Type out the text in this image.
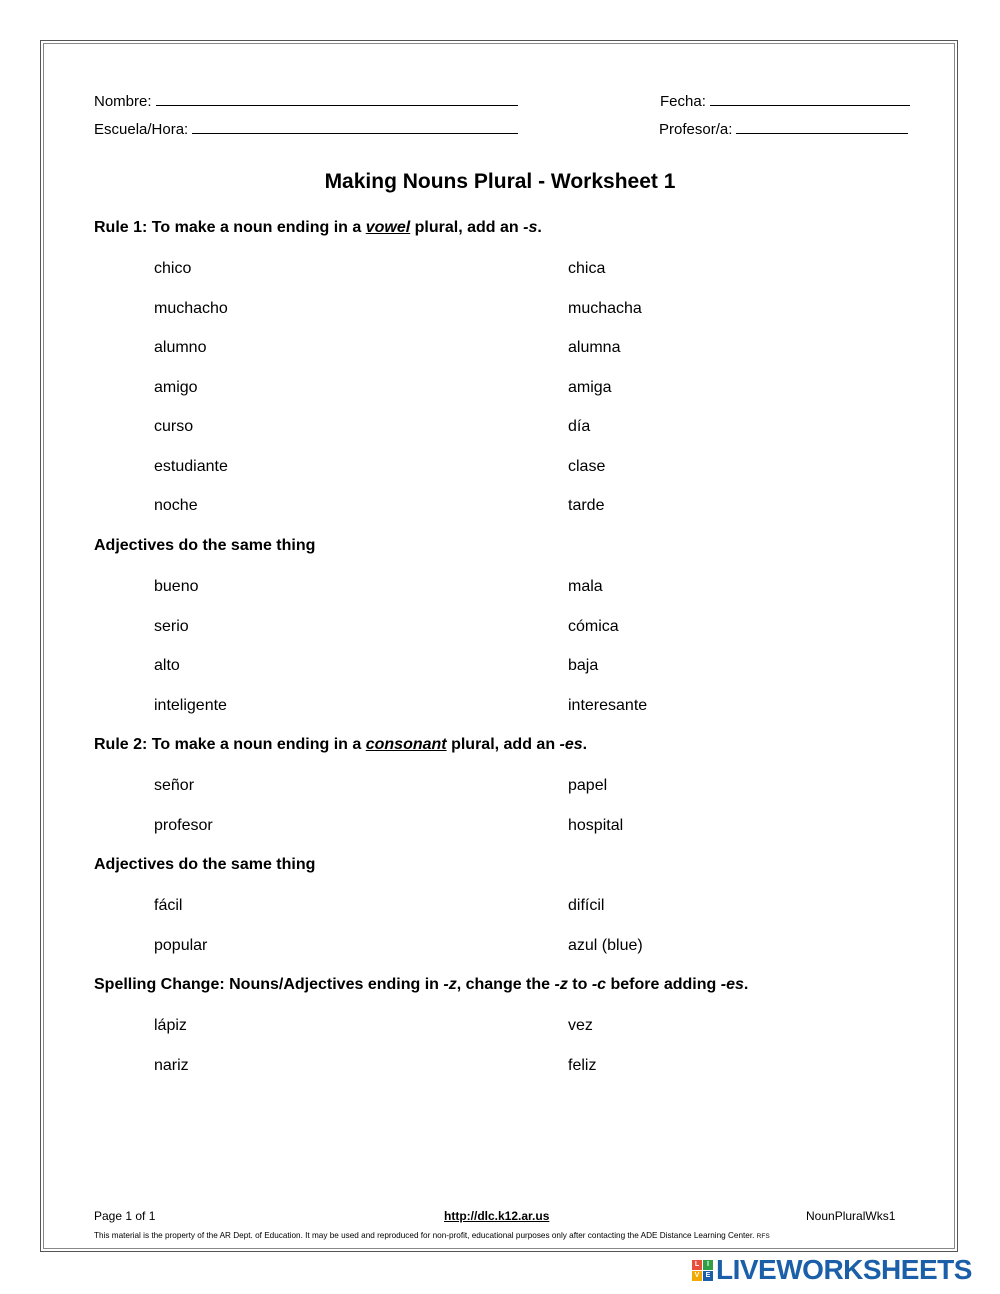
Nombre:	Fecha:
Escuela/Hora:	Profesor/a:
Making Nouns Plural - Worksheet 1
Rule 1: To make a noun ending in a vowel plural, add an -s.
chico	chica
muchacho	muchacha
alumno	alumna
amigo	amiga
curso	día
estudiante	clase
noche	tarde
Adjectives do the same thing
bueno	mala
serio	cómica
alto	baja
inteligente	interesante
Rule 2: To make a noun ending in a consonant plural, add an -es.
señor	papel
profesor	hospital
Adjectives do the same thing
fácil	difícil
popular	azul (blue)
Spelling Change: Nouns/Adjectives ending in -z, change the -z to -c before adding -es.
lápiz	vez
nariz	feliz
Page 1 of 1	http://dlc.k12.ar.us	NounPluralWks1
This material is the property of the AR Dept. of Education. It may be used and reproduced for non-profit, educational purposes only after contacting the ADE Distance Learning Center. RFS
L	I
V E LIVEWORKSHEETS
